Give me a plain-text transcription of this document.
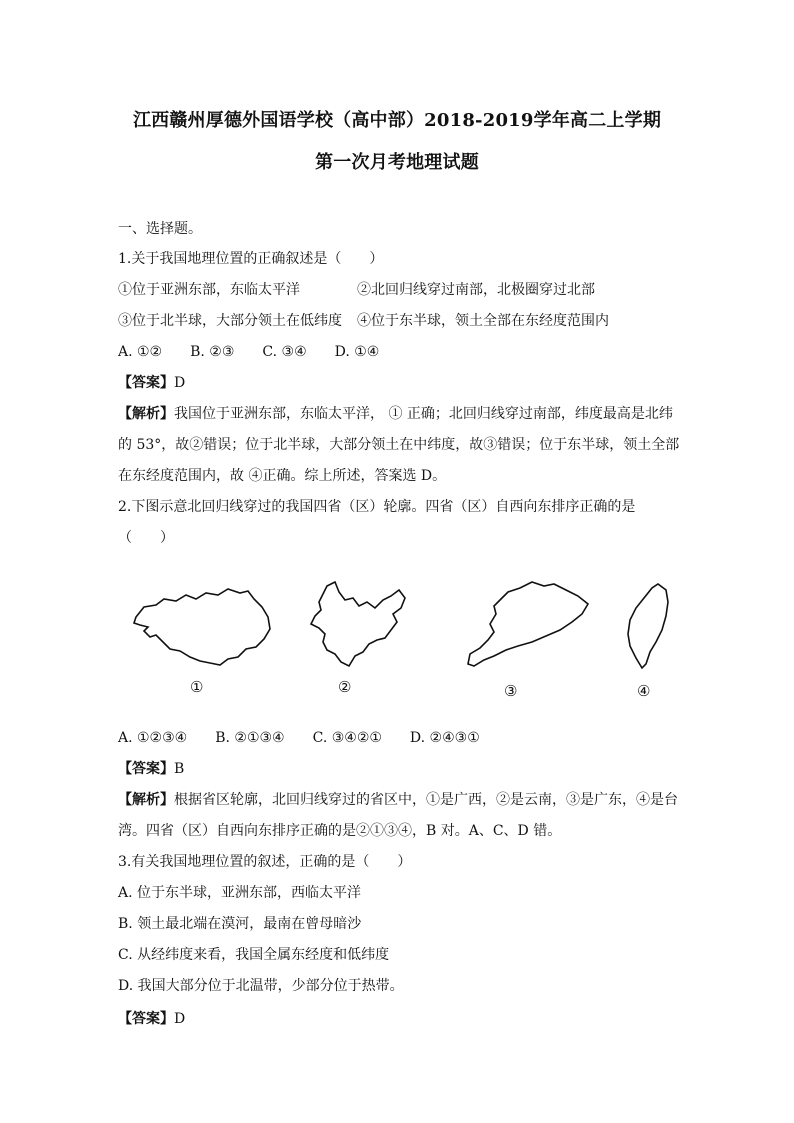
江西赣州厚德外国语学校（高中部）2018-2019学年高二上学期
第一次月考地理试题
一、选择题。
1.关于我国地理位置的正确叙述是（　　）
①位于亚洲东部，东临太平洋	②北回归线穿过南部，北极圈穿过北部
③位于北半球，大部分领土在低纬度 ④位于东半球，领土全部在东经度范围内
A. ①②　　B. ②③　　C. ③④　　D. ①④
【答案】D
【解析】我国位于亚洲东部，东临太平洋， ① 正确；北回归线穿过南部，纬度最高是北纬
的 53°，故②错误；位于北半球，大部分领土在中纬度，故③错误；位于东半球，领土全部
在东经度范围内，故 ④正确。综上所述，答案选 D。
2.下图示意北回归线穿过的我国四省（区）轮廓。四省（区）自西向东排序正确的是
（　　）
①	②	③	④
A. ①②③④　　B. ②①③④　　C. ③④②①　　D. ②④③①
【答案】B
【解析】根据省区轮廓，北回归线穿过的省区中，①是广西，②是云南，③是广东，④是台
湾。四省（区）自西向东排序正确的是②①③④，B 对。A、C、D 错。
3.有关我国地理位置的叙述，正确的是（　　）
A. 位于东半球，亚洲东部，西临太平洋
B. 领土最北端在漠河，最南在曾母暗沙
C. 从经纬度来看，我国全属东经度和低纬度
D. 我国大部分位于北温带，少部分位于热带。
【答案】D
